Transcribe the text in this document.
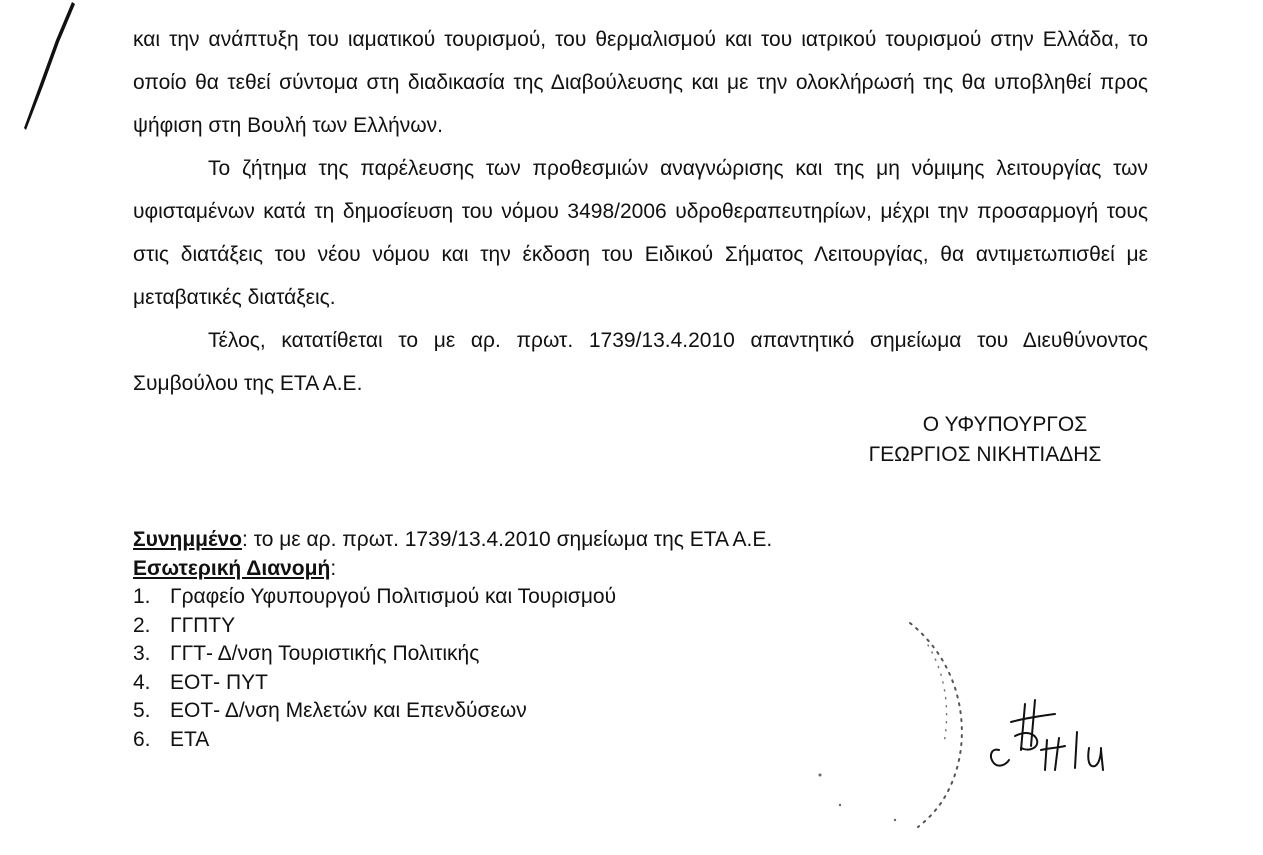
και την ανάπτυξη του ιαματικού τουρισμού, του θερμαλισμού και του ιατρικού τουρισμού στην Ελλάδα, το οποίο θα τεθεί σύντομα στη διαδικασία της Διαβούλευσης και με την ολοκλήρωσή της θα υποβληθεί προς ψήφιση στη Βουλή των Ελλήνων.

Το ζήτημα της παρέλευσης των προθεσμιών αναγνώρισης και της μη νόμιμης λειτουργίας των υφισταμένων κατά τη δημοσίευση του νόμου 3498/2006 υδροθεραπευτηρίων, μέχρι την προσαρμογή τους στις διατάξεις του νέου νόμου και την έκδοση του Ειδικού Σήματος Λειτουργίας, θα αντιμετωπισθεί με μεταβατικές διατάξεις.

Τέλος, κατατίθεται το με αρ. πρωτ. 1739/13.4.2010 απαντητικό σημείωμα του Διευθύνοντος Συμβούλου της ΕΤΑ Α.Ε.

Ο ΥΦΥΠΟΥΡΓΟΣ
ΓΕΩΡΓΙΟΣ ΝΙΚΗΤΙΑΔΗΣ
Συνημμένο: το με αρ. πρωτ. 1739/13.4.2010 σημείωμα της ΕΤΑ Α.Ε.
Εσωτερική Διανομή:
1. Γραφείο Υφυπουργού Πολιτισμού και Τουρισμού
2. ΓΓΠΤΥ
3. ΓΓΤ- Δ/νση Τουριστικής Πολιτικής
4. ΕΟΤ- ΠΥΤ
5. ΕΟΤ- Δ/νση Μελετών και Επενδύσεων
6. ΕΤΑ
